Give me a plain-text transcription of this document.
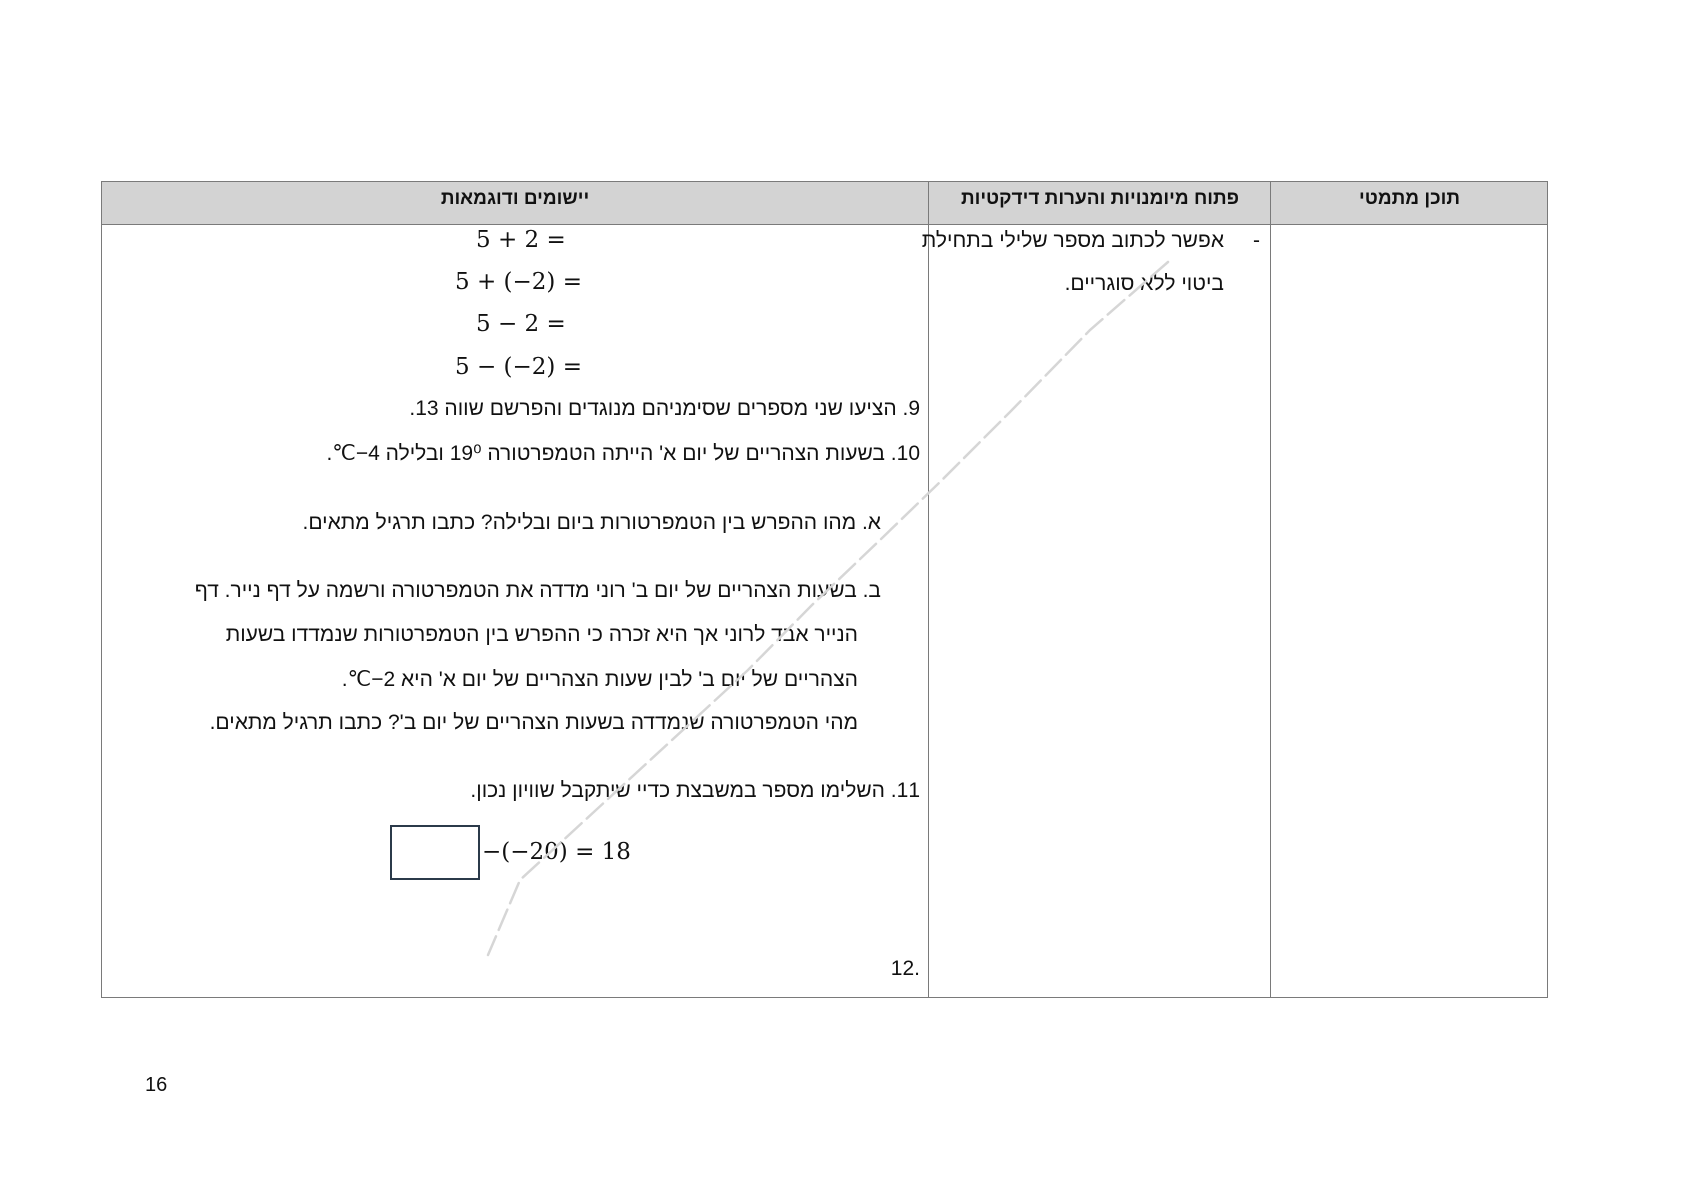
תוכן מתמטי
פתוח מיומנויות והערות דידקטיות
יישומים ודוגמאות
-
אפשר לכתוב מספר שלילי בתחילת
ביטוי ללא סוגריים.
5 + 2 =
5 + (−2) =
5 − 2 =
5 − (−2) =
9. הציעו שני מספרים שסימניהם מנוגדים והפרשם שווה 13.
10. בשעות הצהריים של יום א' הייתה הטמפרטורה 19⁰ ובלילה ‎−4℃.
א. מהו ההפרש בין הטמפרטורות ביום ובלילה? כתבו תרגיל מתאים.
ב. בשעות הצהריים של יום ב' רוני מדדה את הטמפרטורה ורשמה על דף נייר. דף
הנייר אבד לרוני אך היא זכרה כי ההפרש בין הטמפרטורות שנמדדו בשעות
הצהריים של יום ב' לבין שעות הצהריים של יום א' היא ‎−2℃.
מהי הטמפרטורה שנמדדה בשעות הצהריים של יום ב'? כתבו תרגיל מתאים.
11. השלימו מספר במשבצת כדיי שיתקבל שוויון נכון.
−(−20) = 18
.12
16
